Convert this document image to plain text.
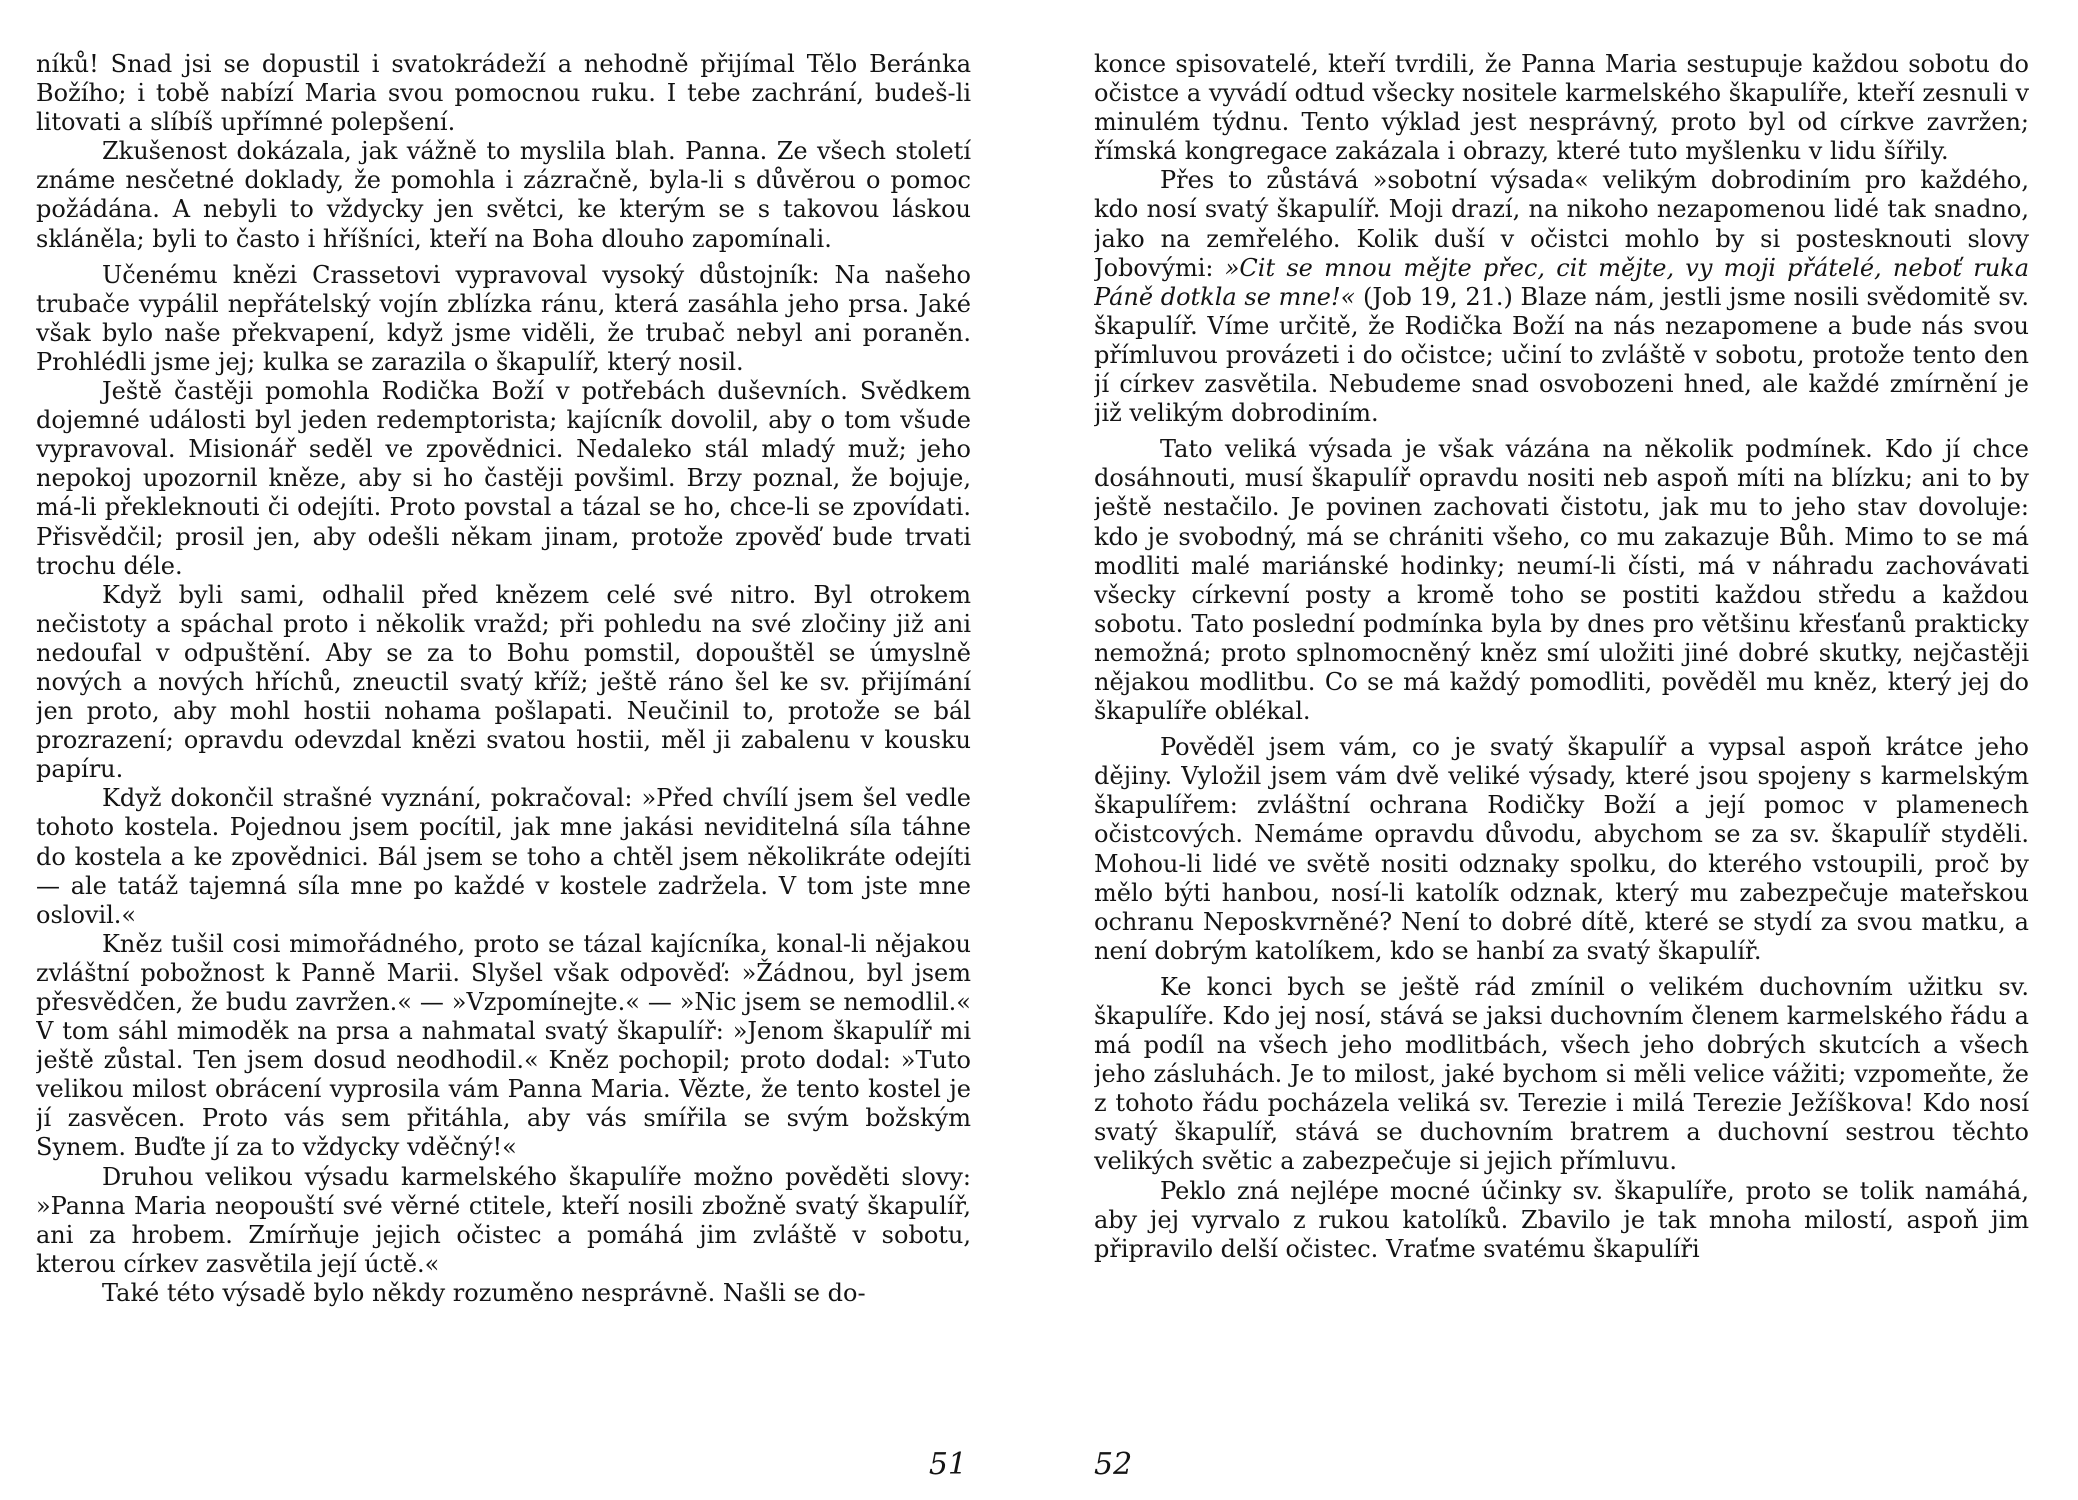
níků! Snad jsi se dopustil i svatokrádeží a nehodně přijímal Tělo Beránka Božího; i tobě nabízí Maria svou pomocnou ruku. I tebe zachrání, budeš-li litovati a slíbíš upřímné polepšení.

Zkušenost dokázala, jak vážně to myslila blah. Panna. Ze všech století známe nesčetné doklady, že pomohla i zázračně, byla-li s důvěrou o pomoc požádána. A nebyli to vždycky jen světci, ke kterým se s takovou láskou skláněla; byli to často i hříšníci, kteří na Boha dlouho zapomínali.

Učenému knězi Crassetovi vypravoval vysoký důstojník: Na našeho trubače vypálil nepřátelský vojín zblízka ránu, která zasáhla jeho prsa. Jaké však bylo naše překvapení, když jsme viděli, že trubač nebyl ani poraněn. Prohlédli jsme jej; kulka se zarazila o škapulíř, který nosil.

Ještě častěji pomohla Rodička Boží v potřebách duševních. Svědkem dojemné události byl jeden redemptorista; kajícník dovolil, aby o tom všude vypravoval. Misionář seděl ve zpovědnici. Nedaleko stál mladý muž; jeho nepokoj upozornil kněze, aby si ho častěji povšiml. Brzy poznal, že bojuje, má-li překleknouti či odejíti. Proto povstal a tázal se ho, chce-li se zpovídati. Přisvědčil; prosil jen, aby odešli někam jinam, protože zpověď bude trvati trochu déle.

Když byli sami, odhalil před knězem celé své nitro. Byl otrokem nečistoty a spáchal proto i několik vražd; při pohledu na své zločiny již ani nedoufal v odpuštění. Aby se za to Bohu pomstil, dopouštěl se úmyslně nových a nových hříchů, zneuctil svatý kříž; ještě ráno šel ke sv. přijímání jen proto, aby mohl hostii nohama pošlapati. Neučinil to, protože se bál prozrazení; opravdu odevzdal knězi svatou hostii, měl ji zabalenu v kousku papíru.

Když dokončil strašné vyznání, pokračoval: »Před chvílí jsem šel vedle tohoto kostela. Pojednou jsem pocítil, jak mne jakási neviditelná síla táhne do kostela a ke zpovědnici. Bál jsem se toho a chtěl jsem několikráte odejíti — ale tatáž tajemná síla mne po každé v kostele zadržela. V tom jste mne oslovil.«

Kněz tušil cosi mimořádného, proto se tázal kajícníka, konal-li nějakou zvláštní pobožnost k Panně Marii. Slyšel však odpověď: »Žádnou, byl jsem přesvědčen, že budu zavržen.« — »Vzpomínejte.« — »Nic jsem se nemodlil.« V tom sáhl mimoděk na prsa a nahmatal svatý škapulíř: »Jenom škapulíř mi ještě zůstal. Ten jsem dosud neodhodil.« Kněz pochopil; proto dodal: »Tuto velikou milost obrácení vyprosila vám Panna Maria. Vězte, že tento kostel je jí zasvěcen. Proto vás sem přitáhla, aby vás smířila se svým božským Synem. Buďte jí za to vždycky vděčný!«

Druhou velikou výsadu karmelského škapulíře možno pověděti slovy: »Panna Maria neopouští své věrné ctitele, kteří nosili zbožně svatý škapulíř, ani za hrobem. Zmírňuje jejich očistec a pomáhá jim zvláště v sobotu, kterou církev zasvětila její úctě.«

Také této výsadě bylo někdy rozuměno nesprávně. Našli se do-

51

konce spisovatelé, kteří tvrdili, že Panna Maria sestupuje každou sobotu do očistce a vyvádí odtud všecky nositele karmelského škapulíře, kteří zesnuli v minulém týdnu. Tento výklad jest nesprávný, proto byl od církve zavržen; římská kongregace zakázala i obrazy, které tuto myšlenku v lidu šířily.

Přes to zůstává »sobotní výsada« velikým dobrodiním pro každého, kdo nosí svatý škapulíř. Moji drazí, na nikoho nezapomenou lidé tak snadno, jako na zemřelého. Kolik duší v očistci mohlo by si postesknouti slovy Jobovými: »Cit se mnou mějte přec, cit mějte, vy moji přátelé, neboť ruka Páně dotkla se mne!« (Job 19, 21.) Blaze nám, jestli jsme nosili svědomitě sv. škapulíř. Víme určitě, že Rodička Boží na nás nezapomene a bude nás svou přímluvou provázeti i do očistce; učiní to zvláště v sobotu, protože tento den jí církev zasvětila. Nebudeme snad osvobozeni hned, ale každé zmírnění je již velikým dobrodiním.

Tato veliká výsada je však vázána na několik podmínek. Kdo jí chce dosáhnouti, musí škapulíř opravdu nositi neb aspoň míti na blízku; ani to by ještě nestačilo. Je povinen zachovati čistotu, jak mu to jeho stav dovoluje: kdo je svobodný, má se chrániti všeho, co mu zakazuje Bůh. Mimo to se má modliti malé mariánské hodinky; neumí-li čísti, má v náhradu zachovávati všecky církevní posty a kromě toho se postiti každou středu a každou sobotu. Tato poslední podmínka byla by dnes pro většinu křesťanů prakticky nemožná; proto splnomocněný kněz smí uložiti jiné dobré skutky, nejčastěji nějakou modlitbu. Co se má každý pomodliti, pověděl mu kněz, který jej do škapulíře oblékal.

Pověděl jsem vám, co je svatý škapulíř a vypsal aspoň krátce jeho dějiny. Vyložil jsem vám dvě veliké výsady, které jsou spojeny s karmelským škapulířem: zvláštní ochrana Rodičky Boží a její pomoc v plamenech očistcových. Nemáme opravdu důvodu, abychom se za sv. škapulíř styděli. Mohou-li lidé ve světě nositi odznaky spolku, do kterého vstoupili, proč by mělo býti hanbou, nosí-li katolík odznak, který mu zabezpečuje mateřskou ochranu Neposkvrněné? Není to dobré dítě, které se stydí za svou matku, a není dobrým katolíkem, kdo se hanbí za svatý škapulíř.

Ke konci bych se ještě rád zmínil o velikém duchovním užitku sv. škapulíře. Kdo jej nosí, stává se jaksi duchovním členem karmelského řádu a má podíl na všech jeho modlitbách, všech jeho dobrých skutcích a všech jeho zásluhách. Je to milost, jaké bychom si měli velice vážiti; vzpomeňte, že z tohoto řádu pocházela veliká sv. Terezie i milá Terezie Ježíškova! Kdo nosí svatý škapulíř, stává se duchovním bratrem a duchovní sestrou těchto velikých světic a zabezpečuje si jejich přímluvu.

Peklo zná nejlépe mocné účinky sv. škapulíře, proto se tolik namáhá, aby jej vyrvalo z rukou katolíků. Zbavilo je tak mnoha milostí, aspoň jim připravilo delší očistec. Vraťme svatému škapulíři

52
